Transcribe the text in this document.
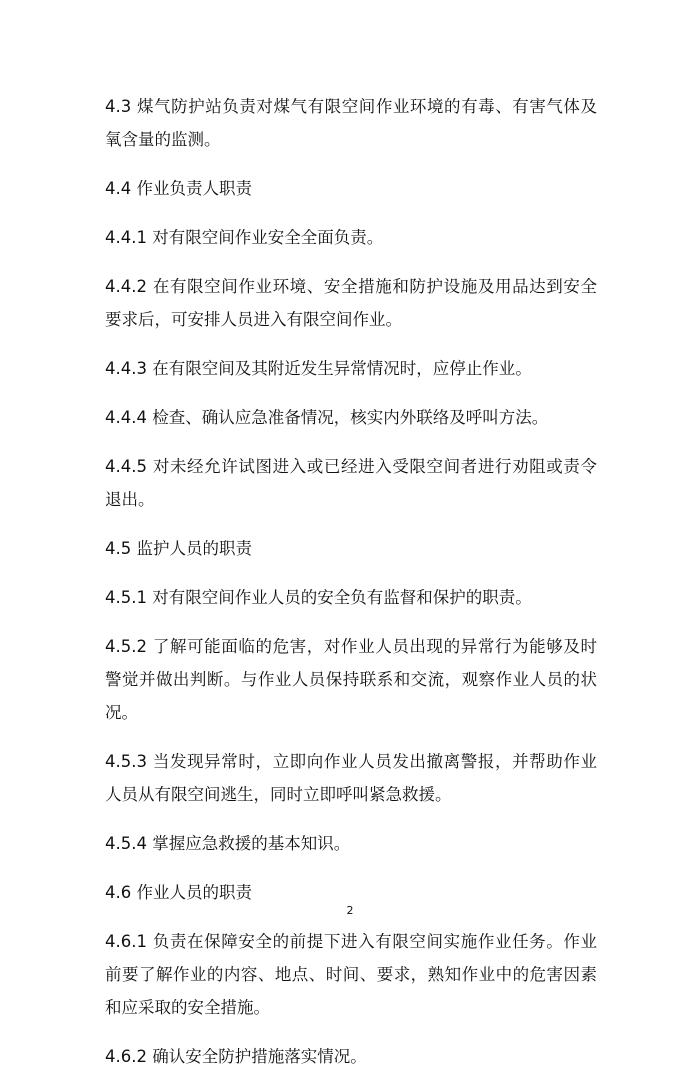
4.3 煤气防护站负责对煤气有限空间作业环境的有毒、有害气体及氧含量的监测。

4.4 作业负责人职责

4.4.1 对有限空间作业安全全面负责。

4.4.2 在有限空间作业环境、安全措施和防护设施及用品达到安全要求后，可安排人员进入有限空间作业。

4.4.3 在有限空间及其附近发生异常情况时，应停止作业。

4.4.4 检查、确认应急准备情况，核实内外联络及呼叫方法。

4.4.5 对未经允许试图进入或已经进入受限空间者进行劝阻或责令退出。

4.5 监护人员的职责

4.5.1 对有限空间作业人员的安全负有监督和保护的职责。

4.5.2 了解可能面临的危害，对作业人员出现的异常行为能够及时警觉并做出判断。与作业人员保持联系和交流，观察作业人员的状况。

4.5.3 当发现异常时，立即向作业人员发出撤离警报，并帮助作业人员从有限空间逃生，同时立即呼叫紧急救援。

4.5.4 掌握应急救援的基本知识。

4.6 作业人员的职责

4.6.1 负责在保障安全的前提下进入有限空间实施作业任务。作业前要了解作业的内容、地点、时间、要求，熟知作业中的危害因素和应采取的安全措施。

4.6.2 确认安全防护措施落实情况。

2
